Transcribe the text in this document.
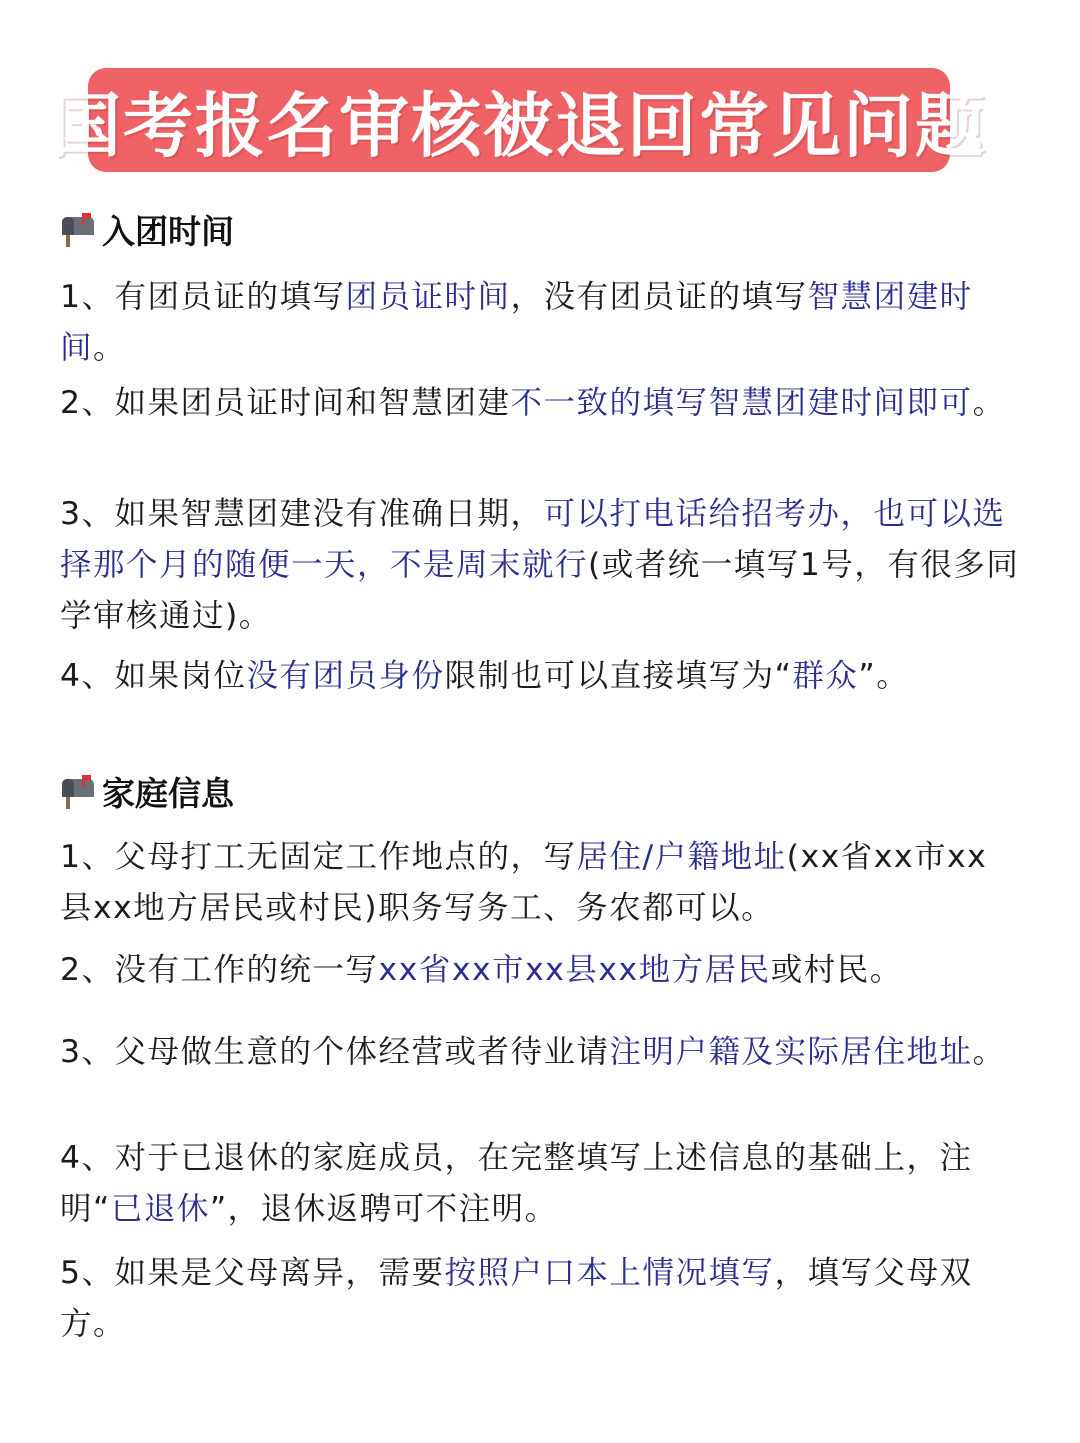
国考报名审核被退回常见问题
入团时间
1、有团员证的填写团员证时间，没有团员证的填写智慧团建时间。
2、如果团员证时间和智慧团建不一致的填写智慧团建时间即可。
3、如果智慧团建没有准确日期，可以打电话给招考办，也可以选择那个月的随便一天，不是周末就行(或者统一填写1号，有很多同学审核通过)。
4、如果岗位没有团员身份限制也可以直接填写为“群众”。
家庭信息
1、父母打工无固定工作地点的，写居住/户籍地址(xx省xx市xx县xx地方居民或村民)职务写务工、务农都可以。
2、没有工作的统一写xx省xx市xx县xx地方居民或村民。
3、父母做生意的个体经营或者待业请注明户籍及实际居住地址。
4、对于已退休的家庭成员，在完整填写上述信息的基础上，注明“已退休”，退休返聘可不注明。
5、如果是父母离异，需要按照户口本上情况填写，填写父母双方。
